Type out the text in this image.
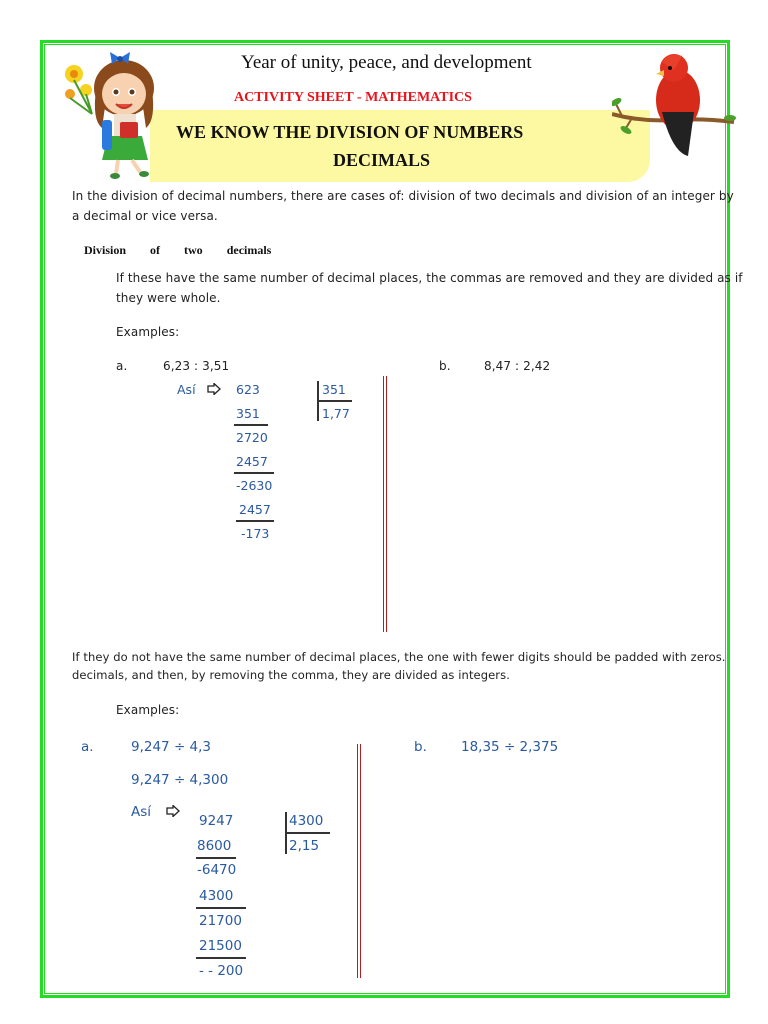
Year of unity, peace, and development
ACTIVITY SHEET - MATHEMATICS
WE KNOW THE DIVISION OF NUMBERS
DECIMALS
In the division of decimal numbers, there are cases of: division of two decimals and division of an integer by
a decimal or vice versa.
Division of two decimals
If these have the same number of decimal places, the commas are removed and they are divided as if
they were whole.
Examples:
a.	6,23 : 3,51
Así	623	351
1,77
351
2720
2457
-2630
2457
-173
b.	8,47 : 2,42
If they do not have the same number of decimal places, the one with fewer digits should be padded with zeros.
decimals, and then, by removing the comma, they are divided as integers.
Examples:
a.	9,247 ÷ 4,3
9,247 ÷ 4,300
Así
9247	4300
2,15
8600
-6470
4300
21700
21500
- - 200
b.	18,35 ÷ 2,375
